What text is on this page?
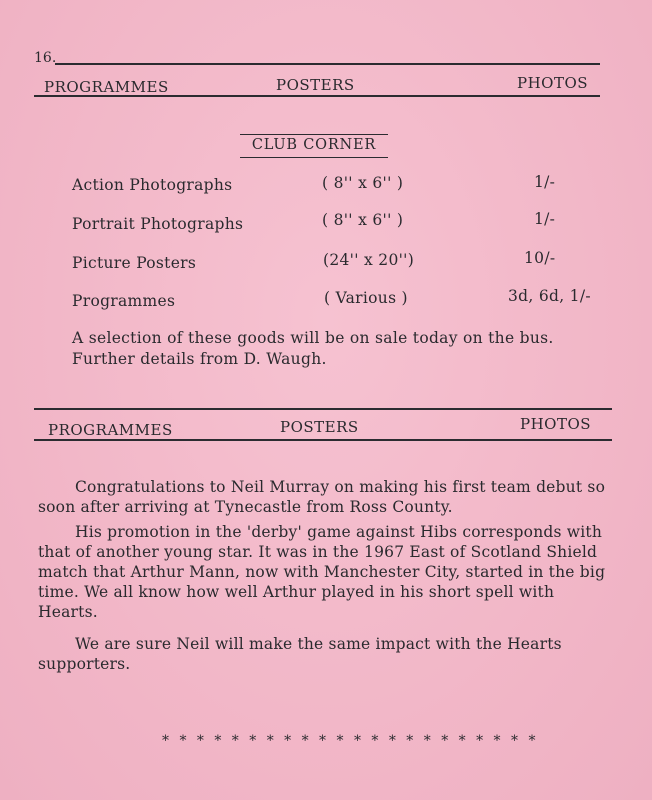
16.
PROGRAMMES	POSTERS	PHOTOS
CLUB CORNER
Action Photographs	( 8'' x 6'' )	1/-
Portrait Photographs	( 8'' x 6'' )	1/-
Picture Posters	(24'' x 20'')	10/-
Programmes	( Various )	3d, 6d, 1/-
A selection of these goods will be on sale today on the bus.
Further details from D. Waugh.
PROGRAMMES	POSTERS	PHOTOS
Congratulations to Neil Murray on making his first team debut so soon after arriving at Tynecastle from Ross County.
His promotion in the 'derby' game against Hibs corresponds with that of another young star. It was in the 1967 East of Scotland Shield match that Arthur Mann, now with Manchester City, started in the big time. We all know how well Arthur played in his short spell with Hearts.
We are sure Neil will make the same impact with the Hearts supporters.
* * * * * * * * * * * * * * * * * * * * * *
